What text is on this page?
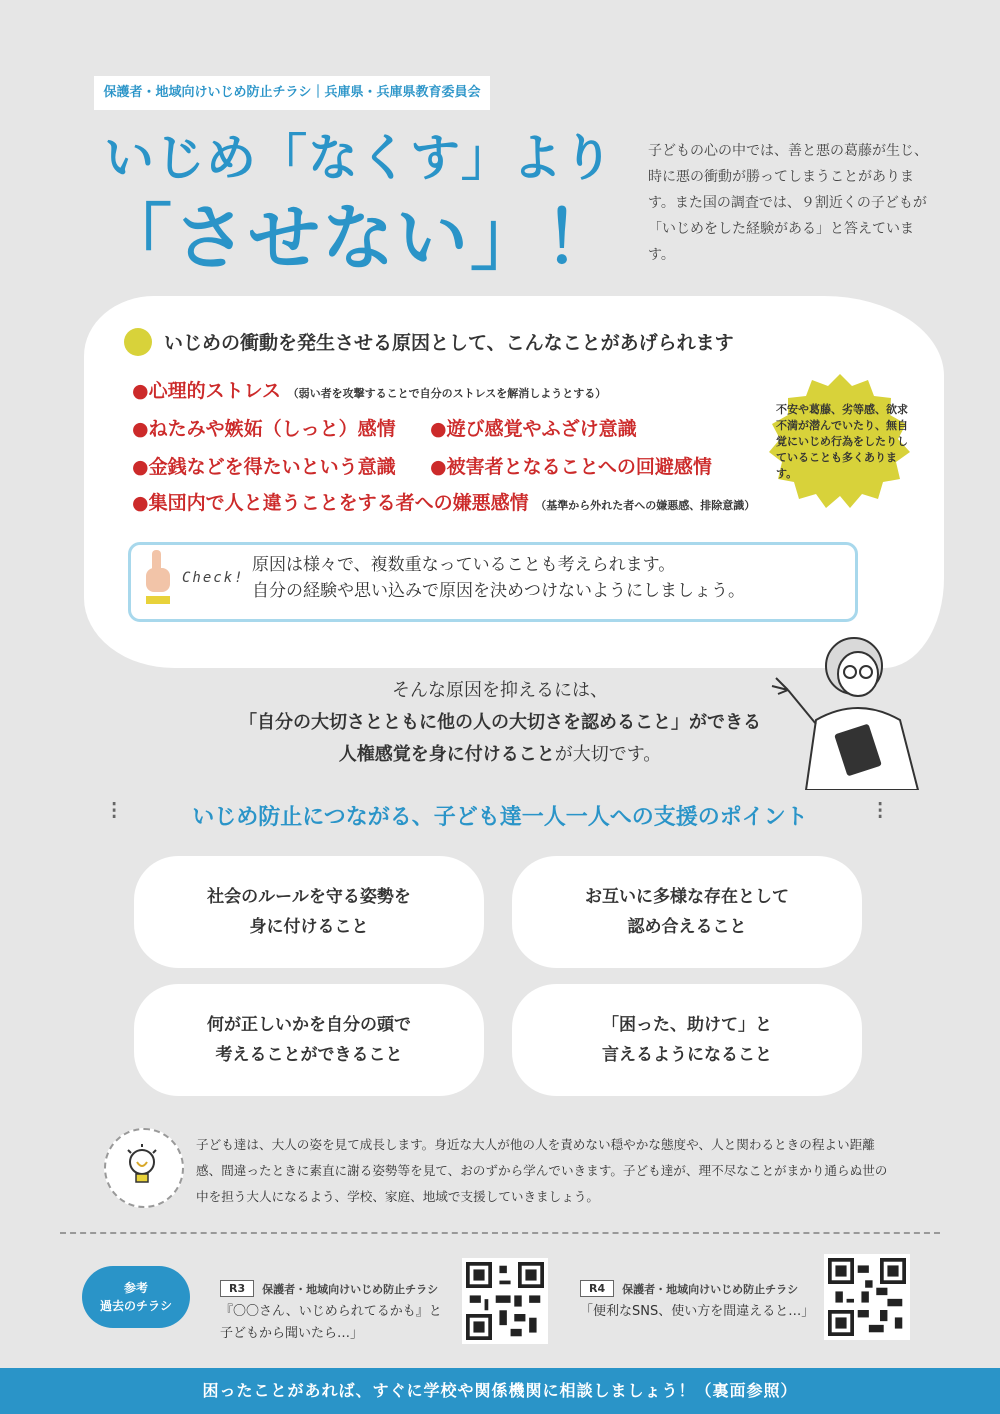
保護者・地域向けいじめ防止チラシ｜兵庫県・兵庫県教育委員会
いじめ「なくす」より
「させない」！
子どもの心の中では、善と悪の葛藤が生じ、時に悪の衝動が勝ってしまうことがあります。また国の調査では、９割近くの子どもが「いじめをした経験がある」と答えています。
いじめの衝動を発生させる原因として、こんなことがあげられます
●心理的ストレス （弱い者を攻撃することで自分のストレスを解消しようとする）
●ねたみや嫉妬（しっと）感情 ●遊び感覚やふざけ意識
●金銭などを得たいという意識 ●被害者となることへの回避感情
●集団内で人と違うことをする者への嫌悪感情 （基準から外れた者への嫌悪感、排除意識）
不安や葛藤、劣等感、欲求不満が潜んでいたり、無自覚にいじめ行為をしたりしていることも多くあります。
Check!
原因は様々で、複数重なっていることも考えられます。
自分の経験や思い込みで原因を決めつけないようにしましょう。
そんな原因を抑えるには、
「自分の大切さとともに他の人の大切さを認めること」ができる
人権感覚を身に付けることが大切です。
いじめ防止につながる、子ども達一人一人への支援のポイント
⁝	⁝
社会のルールを守る姿勢を
身に付けること
お互いに多様な存在として
認め合えること
何が正しいかを自分の頭で
考えることができること
「困った、助けて」と
言えるようになること
子ども達は、大人の姿を見て成長します。身近な大人が他の人を責めない穏やかな態度や、人と関わるときの程よい距離感、間違ったときに素直に謝る姿勢等を見て、おのずから学んでいきます。子ども達が、理不尽なことがまかり通らぬ世の中を担う大人になるよう、学校、家庭、地域で支援していきましょう。
参考
過去のチラシ
R3	保護者・地域向けいじめ防止チラシ
『〇〇さん、いじめられてるかも』と
子どもから聞いたら…」
R4	保護者・地域向けいじめ防止チラシ
「便利なSNS、使い方を間違えると…」
困ったことがあれば、すぐに学校や関係機関に相談しましょう！（裏面参照）
